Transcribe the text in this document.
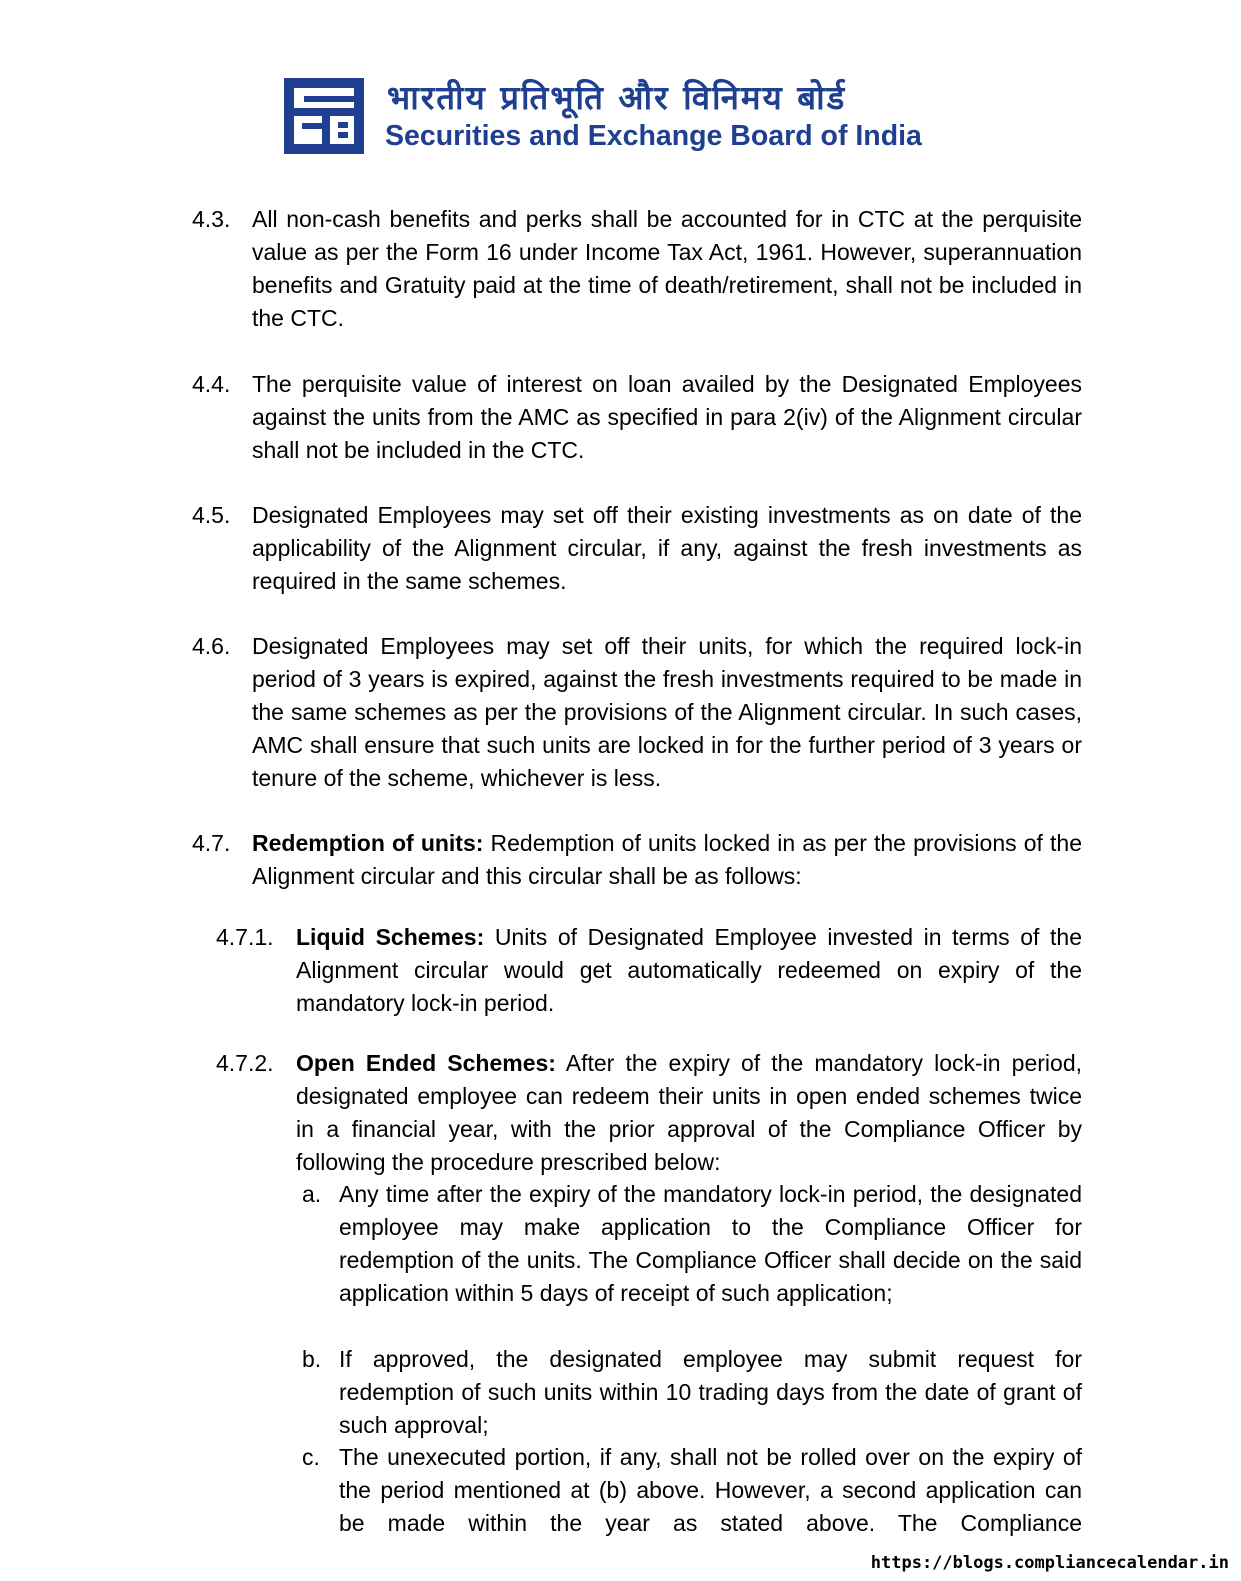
भारतीय प्रतिभूति और विनिमय बोर्ड
Securities and Exchange Board of India
4.3. All non-cash benefits and perks shall be accounted for in CTC at the perquisite value as per the Form 16 under Income Tax Act, 1961. However, superannuation benefits and Gratuity paid at the time of death/retirement, shall not be included in the CTC.
4.4. The perquisite value of interest on loan availed by the Designated Employees against the units from the AMC as specified in para 2(iv) of the Alignment circular shall not be included in the CTC.
4.5. Designated Employees may set off their existing investments as on date of the applicability of the Alignment circular, if any, against the fresh investments as required in the same schemes.
4.6. Designated Employees may set off their units, for which the required lock-in period of 3 years is expired, against the fresh investments required to be made in the same schemes as per the provisions of the Alignment circular. In such cases, AMC shall ensure that such units are locked in for the further period of 3 years or tenure of the scheme, whichever is less.
4.7. Redemption of units: Redemption of units locked in as per the provisions of the Alignment circular and this circular shall be as follows:
4.7.1. Liquid Schemes: Units of Designated Employee invested in terms of the Alignment circular would get automatically redeemed on expiry of the mandatory lock-in period.
4.7.2. Open Ended Schemes: After the expiry of the mandatory lock-in period, designated employee can redeem their units in open ended schemes twice in a financial year, with the prior approval of the Compliance Officer by following the procedure prescribed below:
a. Any time after the expiry of the mandatory lock-in period, the designated employee may make application to the Compliance Officer for redemption of the units. The Compliance Officer shall decide on the said application within 5 days of receipt of such application;
b. If approved, the designated employee may submit request for redemption of such units within 10 trading days from the date of grant of such approval;
c. The unexecuted portion, if any, shall not be rolled over on the expiry of the period mentioned at (b) above. However, a second application can be made within the year as stated above. The Compliance
https://blogs.compliancecalendar.in
